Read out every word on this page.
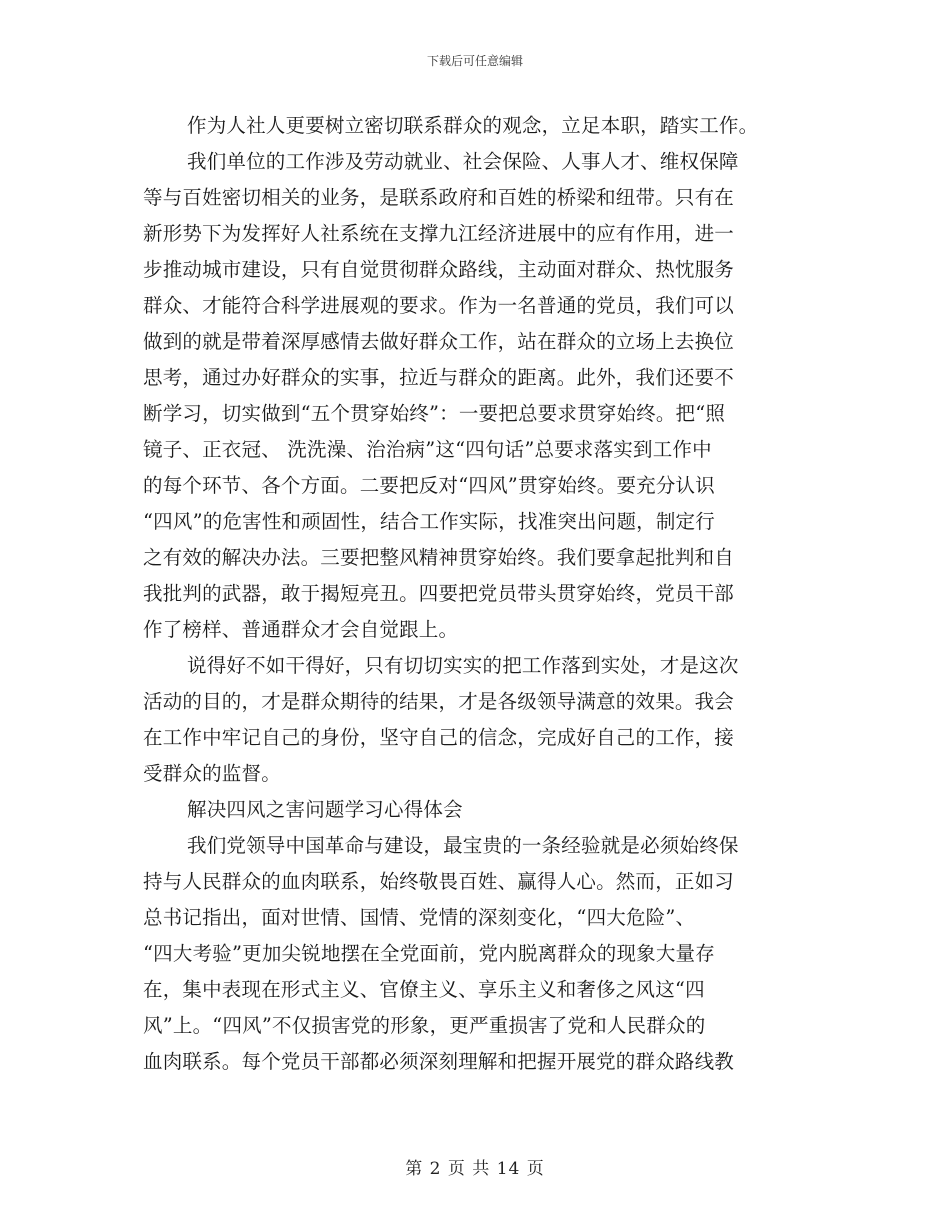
下载后可任意编辑
作为人社人更要树立密切联系群众的观念，立足本职，踏实工作。
我们单位的工作涉及劳动就业、社会保险、人事人才、维权保障
等与百姓密切相关的业务，是联系政府和百姓的桥梁和纽带。只有在
新形势下为发挥好人社系统在支撑九江经济进展中的应有作用，进一
步推动城市建设，只有自觉贯彻群众路线，主动面对群众、热忱服务
群众、才能符合科学进展观的要求。作为一名普通的党员，我们可以
做到的就是带着深厚感情去做好群众工作，站在群众的立场上去换位
思考，通过办好群众的实事，拉近与群众的距离。此外，我们还要不
断学习，切实做到“五个贯穿始终”：一要把总要求贯穿始终。把“照
镜子、正衣冠、 洗洗澡、治治病”这“四句话”总要求落实到工作中
的每个环节、各个方面。二要把反对“四风”贯穿始终。要充分认识
“四风”的危害性和顽固性，结合工作实际，找准突出问题，制定行
之有效的解决办法。三要把整风精神贯穿始终。我们要拿起批判和自
我批判的武器，敢于揭短亮丑。四要把党员带头贯穿始终，党员干部
作了榜样、普通群众才会自觉跟上。
说得好不如干得好，只有切切实实的把工作落到实处，才是这次
活动的目的，才是群众期待的结果，才是各级领导满意的效果。我会
在工作中牢记自己的身份，坚守自己的信念，完成好自己的工作，接
受群众的监督。
解决四风之害问题学习心得体会
我们党领导中国革命与建设，最宝贵的一条经验就是必须始终保
持与人民群众的血肉联系，始终敬畏百姓、赢得人心。然而，正如习
总书记指出，面对世情、国情、党情的深刻变化，“四大危险”、
“四大考验”更加尖锐地摆在全党面前，党内脱离群众的现象大量存
在，集中表现在形式主义、官僚主义、享乐主义和奢侈之风这“四
风”上。“四风”不仅损害党的形象，更严重损害了党和人民群众的
血肉联系。每个党员干部都必须深刻理解和把握开展党的群众路线教
第 2 页 共 14 页
